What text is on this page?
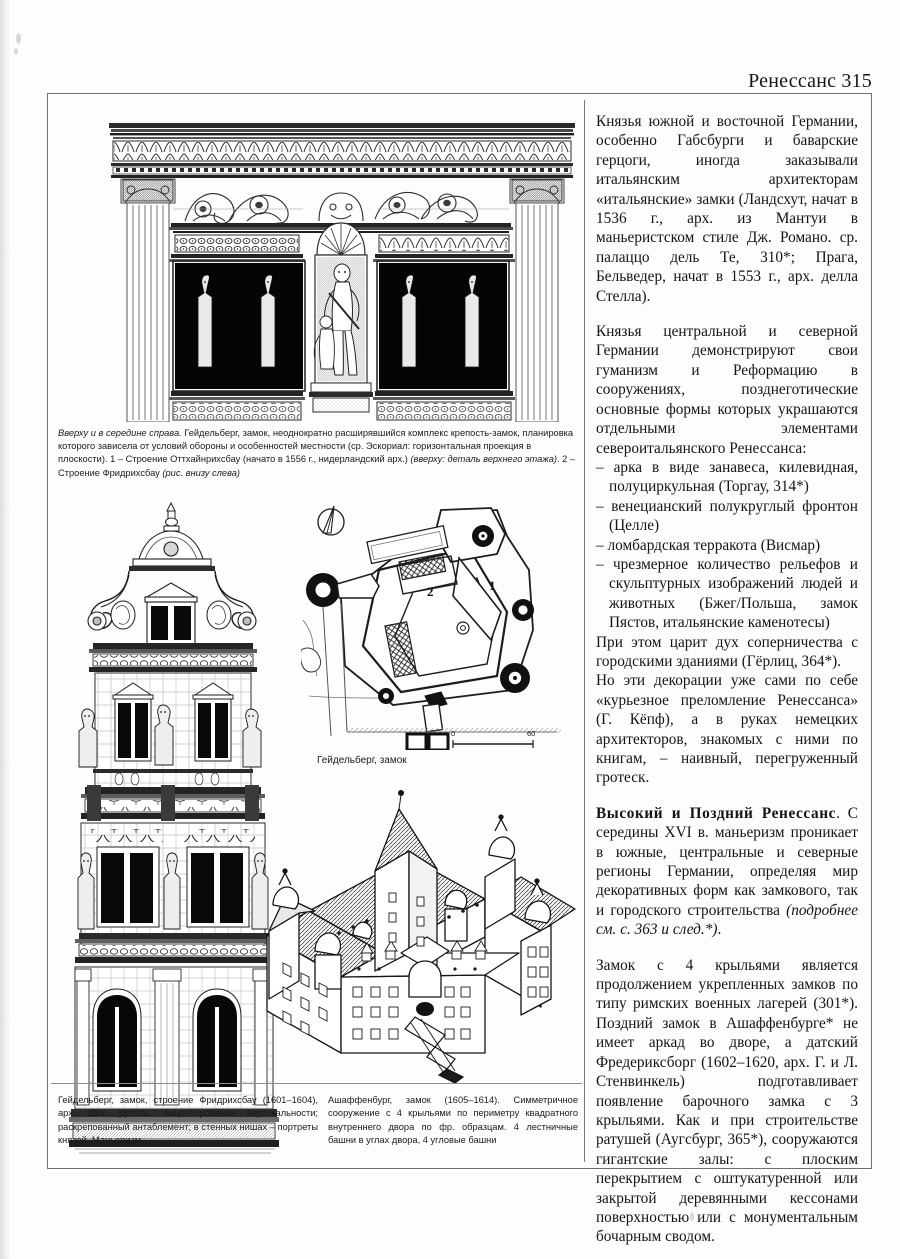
Ренессанс 315
Вверху и в середине справа. Гейдельберг, замок, неоднократно расширявшийся комплекс крепость-замок, планировка которого зависела от условий обороны и особенностей местности (ср. Эскориал: горизонтальная проекция в плоскости). 1 – Строение Оттхайнрихсбау (начато в 1556 г., нидерландский арх.) (вверху: деталь верхнего этажа). 2 – Строение Фридрихсбау (рис. внизу слева)
1
2
0	60
Гейдельберг, замок
Гейдельберг, замок, строение Фридрихсбау (1601–1604), арх. Шох. Деталь. Акцентирование вертикальности; раскрепованный антаблемент; в стенных нишах – портреты князей. Маньеризм
Ашаффенбург, замок (1605–1614). Симметричное сооружение с 4 крыльями по периметру квадратного внутреннего двора по фр. образцам. 4 лестничные башни в углах двора, 4 угловые башни

Князья южной и восточной Германии, особенно Габсбурги и баварские герцоги, иногда заказывали итальянским архитекторам «итальянские» замки (Ландсхут, начат в 1536 г., арх. из Мантуи в маньеристском стиле Дж. Романо. ср. палаццо дель Те, 310*; Прага, Бельведер, начат в 1553 г., арх. делла Стелла).

Князья центральной и северной Германии демонстрируют свои гуманизм и Реформацию в сооружениях, позднеготические основные формы которых украшаются отдельными элементами североитальянского Ренессанса:

– арка в виде занавеса, килевидная, полуциркульная (Торгау, 314*)
– венецианский полукруглый фронтон (Целле)
– ломбардская терракота (Висмар)
– чрезмерное количество рельефов и скульптурных изображений людей и животных (Бжег/Польша, замок Пястов, итальянские каменотесы)

При этом царит дух соперничества с городскими зданиями (Гёрлиц, 364*).

Но эти декорации уже сами по себе «курьезное преломление Ренессанса» (Г. Кёпф), а в руках немецких архитекторов, знакомых с ними по книгам, – наивный, перегруженный гротеск.

Высокий и Поздний Ренессанс. С середины XVI в. маньеризм проникает в южные, центральные и северные регионы Германии, определяя мир декоративных форм как замкового, так и городского строительства (подробнее см. с. 363 и след.*).

Замок с 4 крыльями является продолжением укрепленных замков по типу римских военных лагерей (301*). Поздний замок в Ашаффенбурге* не имеет аркад во дворе, а датский Фредериксборг (1602–1620, арх. Г. и Л. Стенвинкель) подготавливает появление барочного замка с 3 крыльями. Как и при строительстве ратушей (Аугсбург, 365*), сооружаются гигантские залы: с плоским перекрытием с оштукатуренной или закрытой деревянными кессонами поверхностью или с монументальным бочарным сводом.
